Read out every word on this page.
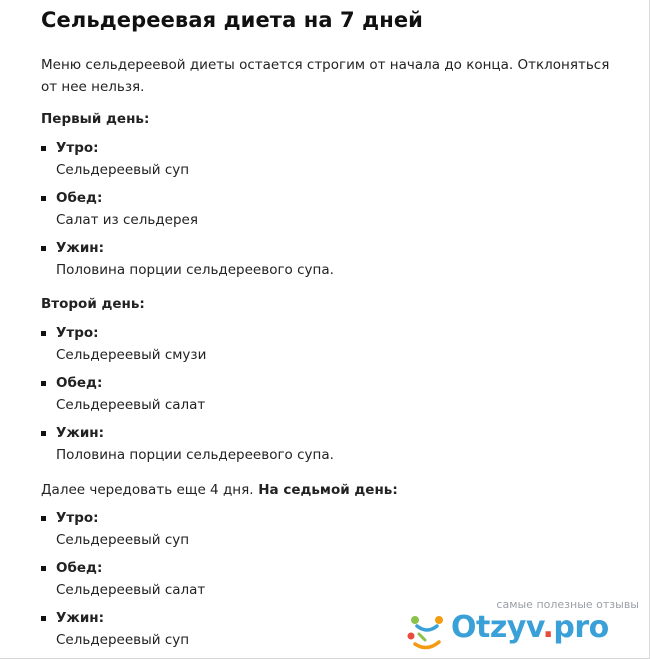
Сельдереевая диета на 7 дней

Меню сельдереевой диеты остается строгим от начала до конца. Отклоняться от нее нельзя.

Первый день:
Утро:
Сельдереевый суп
Обед:
Салат из сельдерея
Ужин:
Половина порции сельдереевого супа.
Второй день:
Утро:
Сельдереевый смузи
Обед:
Сельдереевый салат
Ужин:
Половина порции сельдереевого супа.
Далее чередовать еще 4 дня. На седьмой день:
Утро:
Сельдереевый суп
Обед:
Сельдереевый салат
Ужин:
Сельдереевый суп
самые полезные отзывы
Otzyv.pro
